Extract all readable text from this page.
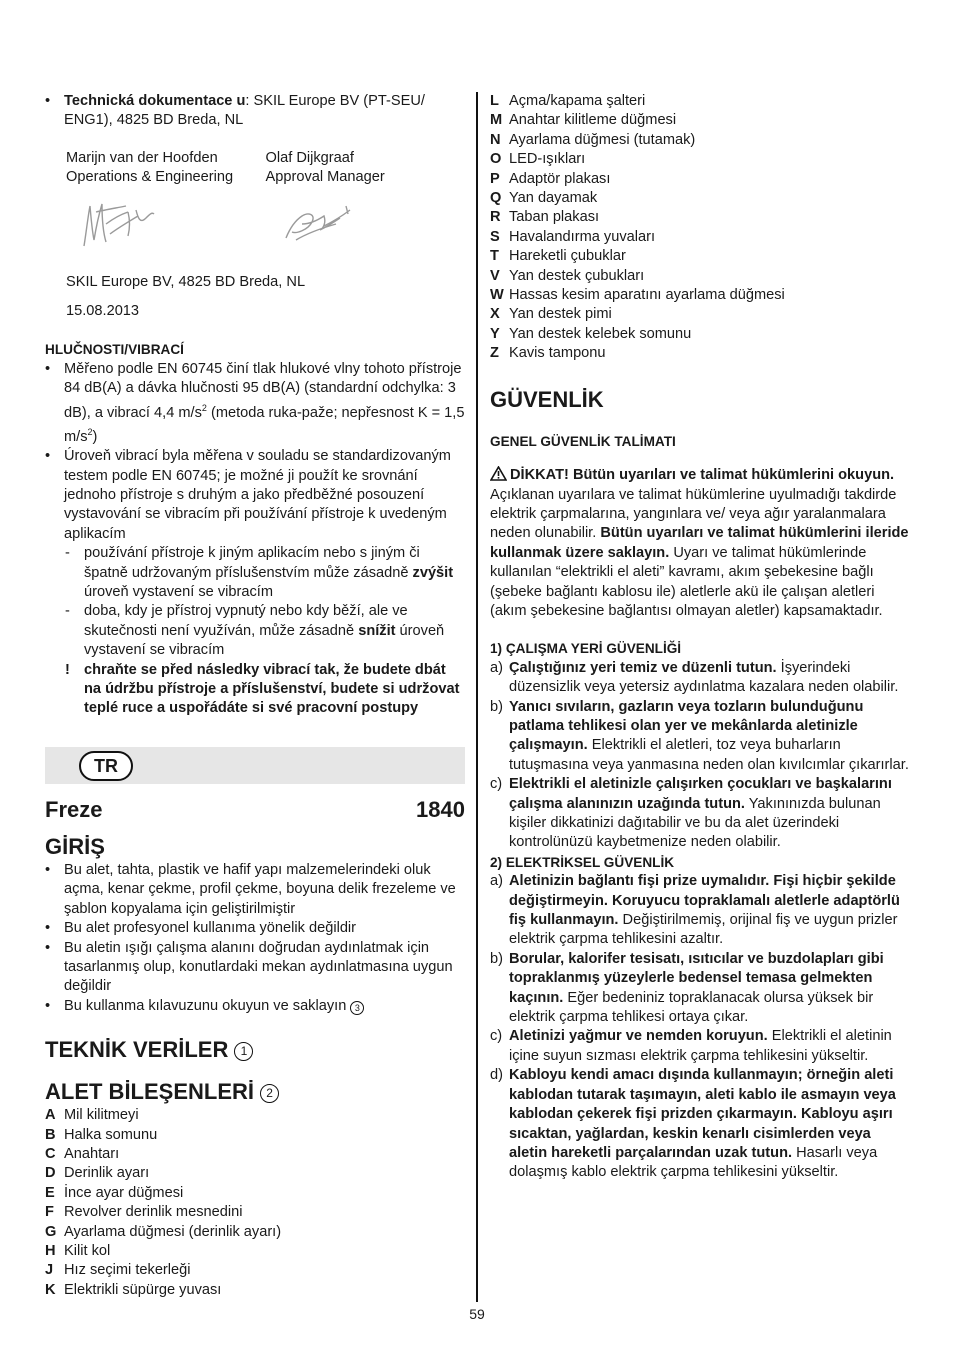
• Technická dokumentace u: SKIL Europe BV (PT-SEU/ ENG1), 4825 BD Breda, NL
Marijn van der Hoofden
Operations & Engineering
Olaf Dijkgraaf
Approval Manager
SKIL Europe BV, 4825 BD Breda, NL
15.08.2013
HLUČNOSTI/VIBRACÍ
• Měřeno podle EN 60745 činí tlak hlukové vlny tohoto přístroje 84 dB(A) a dávka hlučnosti 95 dB(A) (standardní odchylka: 3 dB), a vibrací 4,4 $m/s^2$ (metoda ruka-paže; nepřesnost K = 1,5 $m/s^2$)
• Úroveň vibrací byla měřena v souladu se standardizovaným testem podle EN 60745; je možné ji použít ke srovnání jednoho přístroje s druhým a jako předběžné posouzení vystavování se vibracím při používání přístroje k uvedeným aplikacím
- používání přístroje k jiným aplikacím nebo s jiným či špatně udržovaným příslušenstvím může zásadně zvýšit úroveň vystavení se vibracím
- doba, kdy je přístroj vypnutý nebo kdy běží, ale ve skutečnosti není využíván, může zásadně snížit úroveň vystavení se vibracím
! chraňte se před následky vibrací tak, že budete dbát na údržbu přístroje a příslušenství, budete si udržovat teplé ruce a uspořádáte si své pracovní postupy
TR
Freze	1840
GİRİŞ
• Bu alet, tahta, plastik ve hafif yapı malzemelerindeki oluk açma, kenar çekme, profil çekme, boyuna delik frezeleme ve şablon kopyalama için geliştirilmiştir
• Bu alet profesyonel kullanıma yönelik değildir
• Bu aletin ışığı çalışma alanını doğrudan aydınlatmak için tasarlanmış olup, konutlardaki mekan aydınlatmasına uygun değildir
• Bu kullanma kılavuzunu okuyun ve saklayın 3
TEKNİK VERİLER 1
ALET BİLEŞENLERİ 2
A Mil kilitmeyi
B Halka somunu
C Anahtarı
D Derinlik ayarı
E İnce ayar düğmesi
F Revolver derinlik mesnedini
G Ayarlama düğmesi (derinlik ayarı)
H Kilit kol
J Hız seçimi tekerleği
K Elektrikli süpürge yuvası
L Açma/kapama şalteri
M Anahtar kilitleme düğmesi
N Ayarlama düğmesi (tutamak)
O LED-ışıkları
P Adaptör plakası
Q Yan dayamak
R Taban plakası
S Havalandırma yuvaları
T Hareketli çubuklar
V Yan destek çubukları
W Hassas kesim aparatını ayarlama düğmesi
X Yan destek pimi
Y Yan destek kelebek somunu
Z Kavis tamponu
GÜVENLİK
GENEL GÜVENLİK TALİMATI
DİKKAT! Bütün uyarıları ve talimat hükümlerini okuyun. Açıklanan uyarılara ve talimat hükümlerine uyulmadığı takdirde elektrik çarpmalarına, yangınlara ve/ veya ağır yaralanmalara neden olunabilir. Bütün uyarıları ve talimat hükümlerini ileride kullanmak üzere saklayın. Uyarı ve talimat hükümlerinde kullanılan “elektrikli el aleti” kavramı, akım şebekesine bağlı (şebeke bağlantı kablosu ile) aletlerle akü ile çalışan aletleri (akım şebekesine bağlantısı olmayan aletler) kapsamaktadır.
1) ÇALIŞMA YERİ GÜVENLİĞİ
a) Çalıştığınız yeri temiz ve düzenli tutun. İşyerindeki düzensizlik veya yetersiz aydınlatma kazalara neden olabilir.
b) Yanıcı sıvıların, gazların veya tozların bulunduğunu patlama tehlikesi olan yer ve mekânlarda aletinizle çalışmayın. Elektrikli el aletleri, toz veya buharların tutuşmasına veya yanmasına neden olan kıvılcımlar çıkarırlar.
c) Elektrikli el aletinizle çalışırken çocukları ve başkalarını çalışma alanınızın uzağında tutun. Yakınınızda bulunan kişiler dikkatinizi dağıtabilir ve bu da alet üzerindeki kontrolünüzü kaybetmenize neden olabilir.
2) ELEKTRİKSEL GÜVENLİK
a) Aletinizin bağlantı fişi prize uymalıdır. Fişi hiçbir şekilde değiştirmeyin. Koruyucu topraklamalı aletlerle adaptörlü fiş kullanmayın. Değiştirilmemiş, orijinal fiş ve uygun prizler elektrik çarpma tehlikesini azaltır.
b) Borular, kalorifer tesisatı, ısıtıcılar ve buzdolapları gibi topraklanmış yüzeylerle bedensel temasa gelmekten kaçının. Eğer bedeniniz topraklanacak olursa yüksek bir elektrik çarpma tehlikesi ortaya çıkar.
c) Aletinizi yağmur ve nemden koruyun. Elektrikli el aletinin içine suyun sızması elektrik çarpma tehlikesini yükseltir.
d) Kabloyu kendi amacı dışında kullanmayın; örneğin aleti kablodan tutarak taşımayın, aleti kablo ile asmayın veya kablodan çekerek fişi prizden çıkarmayın. Kabloyu aşırı sıcaktan, yağlardan, keskin kenarlı cisimlerden veya aletin hareketli parçalarından uzak tutun. Hasarlı veya dolaşmış kablo elektrik çarpma tehlikesini yükseltir.
59
